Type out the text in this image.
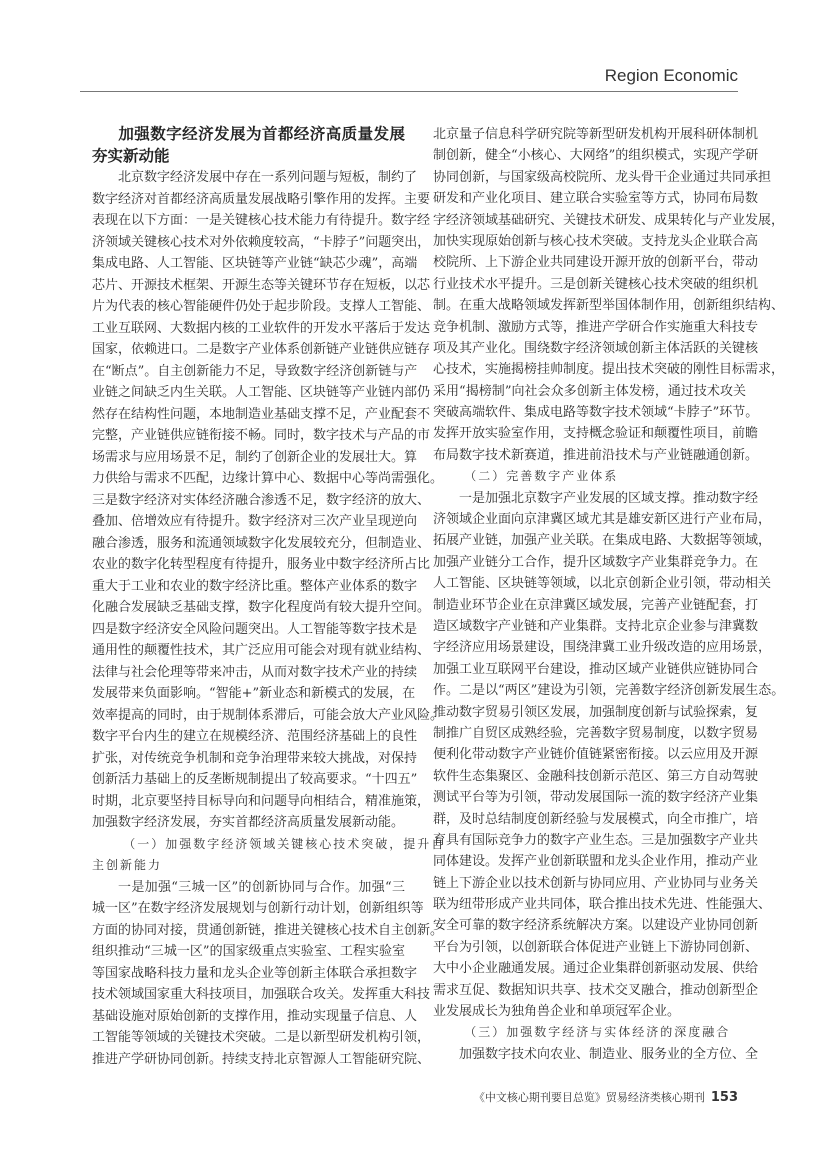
Region Economic
加强数字经济发展为首都经济高质量发展
夯实新动能
北京数字经济发展中存在一系列问题与短板，制约了
数字经济对首都经济高质量发展战略引擎作用的发挥。主要
表现在以下方面：一是关键核心技术能力有待提升。数字经
济领域关键核心技术对外依赖度较高，“卡脖子”问题突出，
集成电路、人工智能、区块链等产业链“缺芯少魂”，高端
芯片、开源技术框架、开源生态等关键环节存在短板，以芯
片为代表的核心智能硬件仍处于起步阶段。支撑人工智能、
工业互联网、大数据内核的工业软件的开发水平落后于发达
国家，依赖进口。二是数字产业体系创新链产业链供应链存
在“断点”。自主创新能力不足，导致数字经济创新链与产
业链之间缺乏内生关联。人工智能、区块链等产业链内部仍
然存在结构性问题，本地制造业基础支撑不足，产业配套不
完整，产业链供应链衔接不畅。同时，数字技术与产品的市
场需求与应用场景不足，制约了创新企业的发展壮大。算
力供给与需求不匹配，边缘计算中心、数据中心等尚需强化。
三是数字经济对实体经济融合渗透不足，数字经济的放大、
叠加、倍增效应有待提升。数字经济对三次产业呈现逆向
融合渗透，服务和流通领域数字化发展较充分，但制造业、
农业的数字化转型程度有待提升，服务业中数字经济所占比
重大于工业和农业的数字经济比重。整体产业体系的数字
化融合发展缺乏基础支撑，数字化程度尚有较大提升空间。
四是数字经济安全风险问题突出。人工智能等数字技术是
通用性的颠覆性技术，其广泛应用可能会对现有就业结构、
法律与社会伦理等带来冲击，从而对数字技术产业的持续
发展带来负面影响。“智能+”新业态和新模式的发展，在
效率提高的同时，由于规制体系滞后，可能会放大产业风险。
数字平台内生的建立在规模经济、范围经济基础上的良性
扩张，对传统竞争机制和竞争治理带来较大挑战，对保持
创新活力基础上的反垄断规制提出了较高要求。“十四五”
时期，北京要坚持目标导向和问题导向相结合，精准施策，
加强数字经济发展，夯实首都经济高质量发展新动能。
（一）加强数字经济领域关键核心技术突破，提升自
主创新能力
一是加强“三城一区”的创新协同与合作。加强“三
城一区”在数字经济发展规划与创新行动计划，创新组织等
方面的协同对接，贯通创新链，推进关键核心技术自主创新。
组织推动“三城一区”的国家级重点实验室、工程实验室
等国家战略科技力量和龙头企业等创新主体联合承担数字
技术领域国家重大科技项目，加强联合攻关。发挥重大科技
基础设施对原始创新的支撑作用，推动实现量子信息、人
工智能等领域的关键技术突破。二是以新型研发机构引领，
推进产学研协同创新。持续支持北京智源人工智能研究院、
北京量子信息科学研究院等新型研发机构开展科研体制机
制创新，健全“小核心、大网络”的组织模式，实现产学研
协同创新，与国家级高校院所、龙头骨干企业通过共同承担
研发和产业化项目、建立联合实验室等方式，协同布局数
字经济领域基础研究、关键技术研发、成果转化与产业发展，
加快实现原始创新与核心技术突破。支持龙头企业联合高
校院所、上下游企业共同建设开源开放的创新平台，带动
行业技术水平提升。三是创新关键核心技术突破的组织机
制。在重大战略领域发挥新型举国体制作用，创新组织结构、
竞争机制、激励方式等，推进产学研合作实施重大科技专
项及其产业化。围绕数字经济领域创新主体活跃的关键核
心技术，实施揭榜挂帅制度。提出技术突破的刚性目标需求，
采用“揭榜制”向社会众多创新主体发榜，通过技术攻关
突破高端软件、集成电路等数字技术领域“卡脖子”环节。
发挥开放实验室作用，支持概念验证和颠覆性项目，前瞻
布局数字技术新赛道，推进前沿技术与产业链融通创新。
（二）完善数字产业体系
一是加强北京数字产业发展的区域支撑。推动数字经
济领域企业面向京津冀区域尤其是雄安新区进行产业布局，
拓展产业链，加强产业关联。在集成电路、大数据等领域，
加强产业链分工合作，提升区域数字产业集群竞争力。在
人工智能、区块链等领域，以北京创新企业引领，带动相关
制造业环节企业在京津冀区域发展，完善产业链配套，打
造区域数字产业链和产业集群。支持北京企业参与津冀数
字经济应用场景建设，围绕津冀工业升级改造的应用场景，
加强工业互联网平台建设，推动区域产业链供应链协同合
作。二是以“两区”建设为引领，完善数字经济创新发展生态。
推动数字贸易引领区发展，加强制度创新与试验探索，复
制推广自贸区成熟经验，完善数字贸易制度，以数字贸易
便利化带动数字产业链价值链紧密衔接。以云应用及开源
软件生态集聚区、金融科技创新示范区、第三方自动驾驶
测试平台等为引领，带动发展国际一流的数字经济产业集
群，及时总结制度创新经验与发展模式，向全市推广，培
育具有国际竞争力的数字产业生态。三是加强数字产业共
同体建设。发挥产业创新联盟和龙头企业作用，推动产业
链上下游企业以技术创新与协同应用、产业协同与业务关
联为纽带形成产业共同体，联合推出技术先进、性能强大、
安全可靠的数字经济系统解决方案。以建设产业协同创新
平台为引领，以创新联合体促进产业链上下游协同创新、
大中小企业融通发展。通过企业集群创新驱动发展、供给
需求互促、数据知识共享、技术交叉融合，推动创新型企
业发展成长为独角兽企业和单项冠军企业。
（三）加强数字经济与实体经济的深度融合
加强数字技术向农业、制造业、服务业的全方位、全
《中文核心期刊要目总览》贸易经济类核心期刊 153
